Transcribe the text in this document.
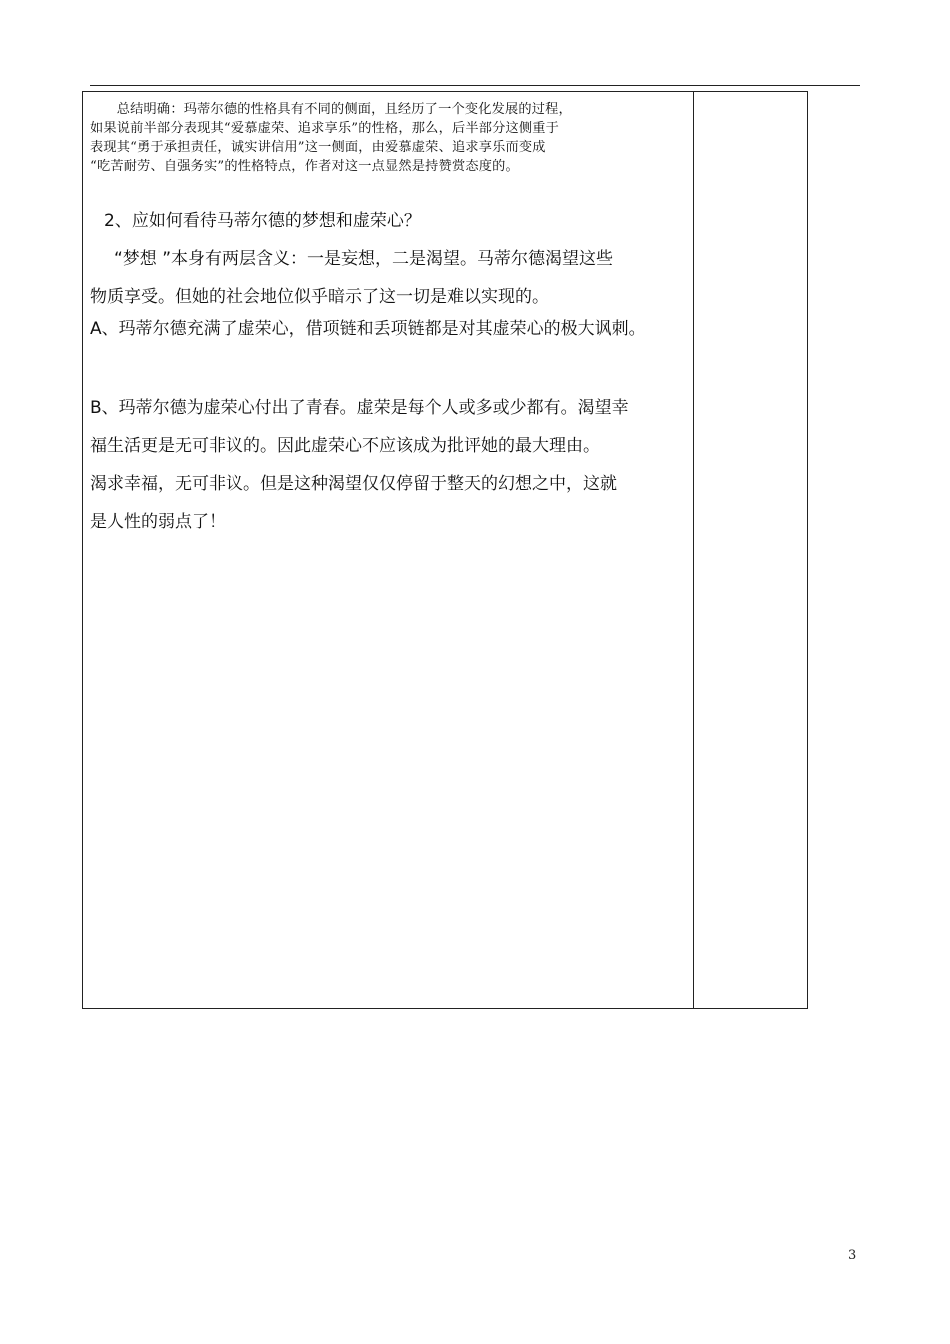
　　总结明确：玛蒂尔德的性格具有不同的侧面，且经历了一个变化发展的过程，
如果说前半部分表现其“爱慕虚荣、追求享乐”的性格，那么，后半部分这侧重于
表现其“勇于承担责任，诚实讲信用”这一侧面，由爱慕虚荣、追求享乐而变成
“吃苦耐劳、自强务实”的性格特点，作者对这一点显然是持赞赏态度的。

2、应如何看待马蒂尔德的梦想和虚荣心？

“梦想 ”本身有两层含义：一是妄想，二是渴望。马蒂尔德渴望这些
物质享受。但她的社会地位似乎暗示了这一切是难以实现的。

A、玛蒂尔德充满了虚荣心，借项链和丢项链都是对其虚荣心的极大讽刺。

B、玛蒂尔德为虚荣心付出了青春。虚荣是每个人或多或少都有。渴望幸
福生活更是无可非议的。因此虚荣心不应该成为批评她的最大理由。
渴求幸福，无可非议。但是这种渴望仅仅停留于整天的幻想之中，这就
是人性的弱点了！

3
